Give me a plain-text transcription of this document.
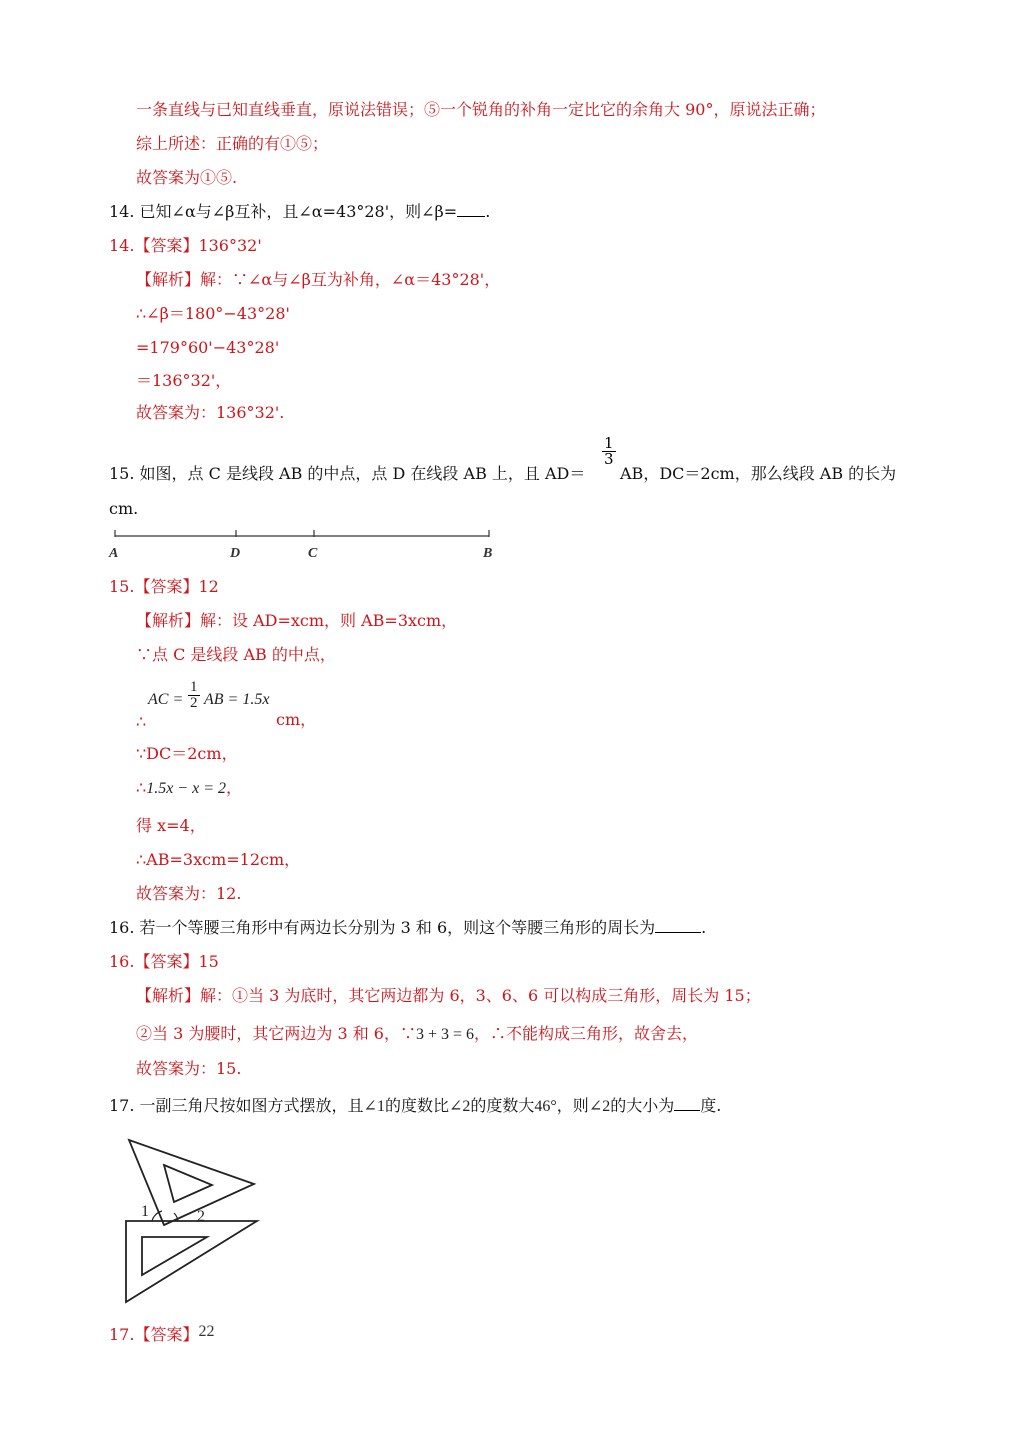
一条直线与已知直线垂直，原说法错误；⑤一个锐角的补角一定比它的余角大 90°，原说法正确；
综上所述：正确的有①⑤；
故答案为①⑤.
14. 已知∠α与∠β互补，且∠α=43°28'，则∠β= .
14.【答案】136°32'
【解析】解：∵∠α与∠β互为补角，∠α＝43°28'，
∴∠β＝180°−43°28'
=179°60'−43°28'
＝136°32'，
故答案为：136°32'.
15. 如图，点 C 是线段 AB 的中点，点 D 在线段 AB 上，且 AD＝
$\frac{1}{3}$
AB，DC＝2cm，那么线段 AB 的长为
cm.
A	D	C	B
15.【答案】12
【解析】解：设 AD=xcm，则 AB=3xcm，
∵点 C 是线段 AB 的中点，
AC = $\frac{1}{2}$ AB = 1.5x
∴	cm，
∵DC＝2cm，
∴1.5x − x = 2，
得 x=4，
∴AB=3xcm=12cm，
故答案为：12.
16. 若一个等腰三角形中有两边长分别为 3 和 6，则这个等腰三角形的周长为	.
16.【答案】15
【解析】解：①当 3 为底时，其它两边都为 6，3、6、6 可以构成三角形，周长为 15；
②当 3 为腰时，其它两边为 3 和 6，∵3 + 3 = 6，∴不能构成三角形，故舍去，
故答案为：15.
17. 一副三角尺按如图方式摆放，且∠1的度数比∠2的度数大46°，则∠2的大小为 度.
1	2
17.【答案】22
